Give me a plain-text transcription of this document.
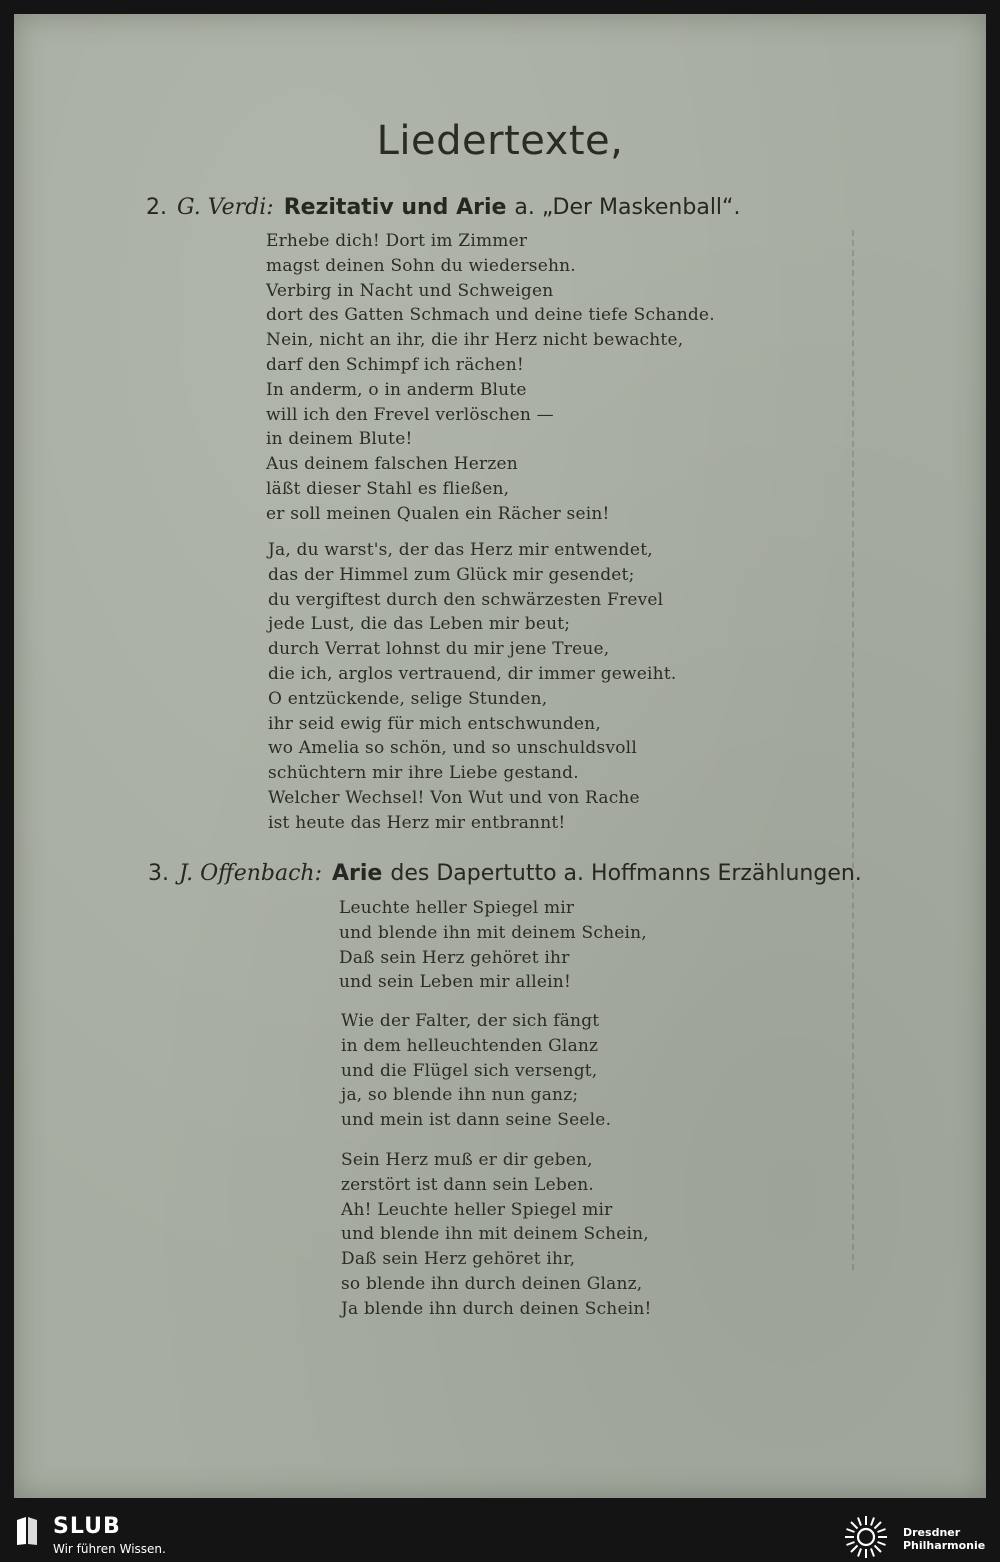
Liedertexte,
2. G. Verdi: Rezitativ und Arie a. „Der Maskenball“.
Erhebe dich! Dort im Zimmer
magst deinen Sohn du wiedersehn.
Verbirg in Nacht und Schweigen
dort des Gatten Schmach und deine tiefe Schande.
Nein, nicht an ihr, die ihr Herz nicht bewachte,
darf den Schimpf ich rächen!
In anderm, o in anderm Blute
will ich den Frevel verlöschen —
in deinem Blute!
Aus deinem falschen Herzen
läßt dieser Stahl es fließen,
er soll meinen Qualen ein Rächer sein!
Ja, du warst's, der das Herz mir entwendet,
das der Himmel zum Glück mir gesendet;
du vergiftest durch den schwärzesten Frevel
jede Lust, die das Leben mir beut;
durch Verrat lohnst du mir jene Treue,
die ich, arglos vertrauend, dir immer geweiht.
O entzückende, selige Stunden,
ihr seid ewig für mich entschwunden,
wo Amelia so schön, und so unschuldsvoll
schüchtern mir ihre Liebe gestand.
Welcher Wechsel! Von Wut und von Rache
ist heute das Herz mir entbrannt!
3. J. Offenbach: Arie des Dapertutto a. Hoffmanns Erzählungen.
Leuchte heller Spiegel mir
und blende ihn mit deinem Schein,
Daß sein Herz gehöret ihr
und sein Leben mir allein!
Wie der Falter, der sich fängt
in dem helleuchtenden Glanz
und die Flügel sich versengt,
ja, so blende ihn nun ganz;
und mein ist dann seine Seele.
Sein Herz muß er dir geben,
zerstört ist dann sein Leben.
Ah! Leuchte heller Spiegel mir
und blende ihn mit deinem Schein,
Daß sein Herz gehöret ihr,
so blende ihn durch deinen Glanz,
Ja blende ihn durch deinen Schein!
SLUB
Wir führen Wissen.
Dresdner
Philharmonie
